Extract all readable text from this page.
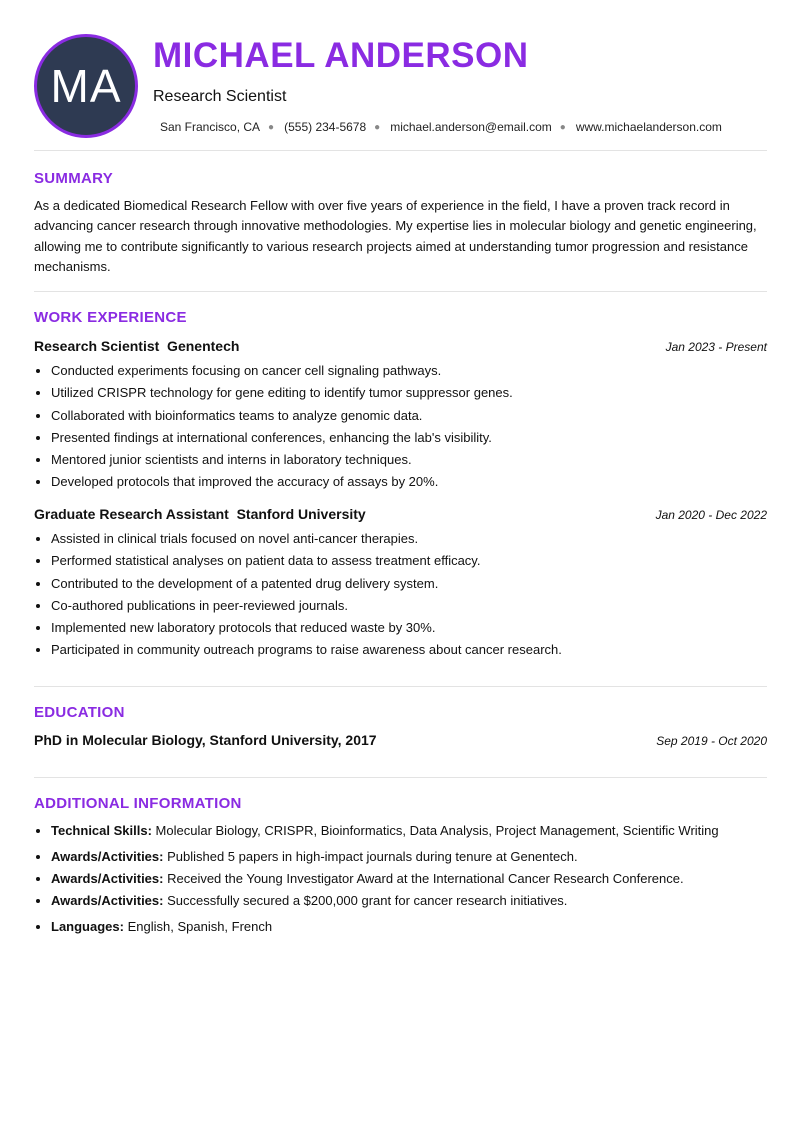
MA
MICHAEL ANDERSON
Research Scientist
San Francisco, CA ● (555) 234-5678 ● michael.anderson@email.com ● www.michaelanderson.com
SUMMARY
As a dedicated Biomedical Research Fellow with over five years of experience in the field, I have a proven track record in advancing cancer research through innovative methodologies. My expertise lies in molecular biology and genetic engineering, allowing me to contribute significantly to various research projects aimed at understanding tumor progression and resistance mechanisms.
WORK EXPERIENCE
Research Scientist  Genentech	Jan 2023 - Present
• Conducted experiments focusing on cancer cell signaling pathways.
• Utilized CRISPR technology for gene editing to identify tumor suppressor genes.
• Collaborated with bioinformatics teams to analyze genomic data.
• Presented findings at international conferences, enhancing the lab's visibility.
• Mentored junior scientists and interns in laboratory techniques.
• Developed protocols that improved the accuracy of assays by 20%.
Graduate Research Assistant  Stanford University	Jan 2020 - Dec 2022
• Assisted in clinical trials focused on novel anti-cancer therapies.
• Performed statistical analyses on patient data to assess treatment efficacy.
• Contributed to the development of a patented drug delivery system.
• Co-authored publications in peer-reviewed journals.
• Implemented new laboratory protocols that reduced waste by 30%.
• Participated in community outreach programs to raise awareness about cancer research.
EDUCATION
PhD in Molecular Biology, Stanford University, 2017	Sep 2019 - Oct 2020
ADDITIONAL INFORMATION
• Technical Skills: Molecular Biology, CRISPR, Bioinformatics, Data Analysis, Project Management, Scientific Writing
• Awards/Activities: Published 5 papers in high-impact journals during tenure at Genentech.
• Awards/Activities: Received the Young Investigator Award at the International Cancer Research Conference.
• Awards/Activities: Successfully secured a $200,000 grant for cancer research initiatives.
• Languages: English, Spanish, French
